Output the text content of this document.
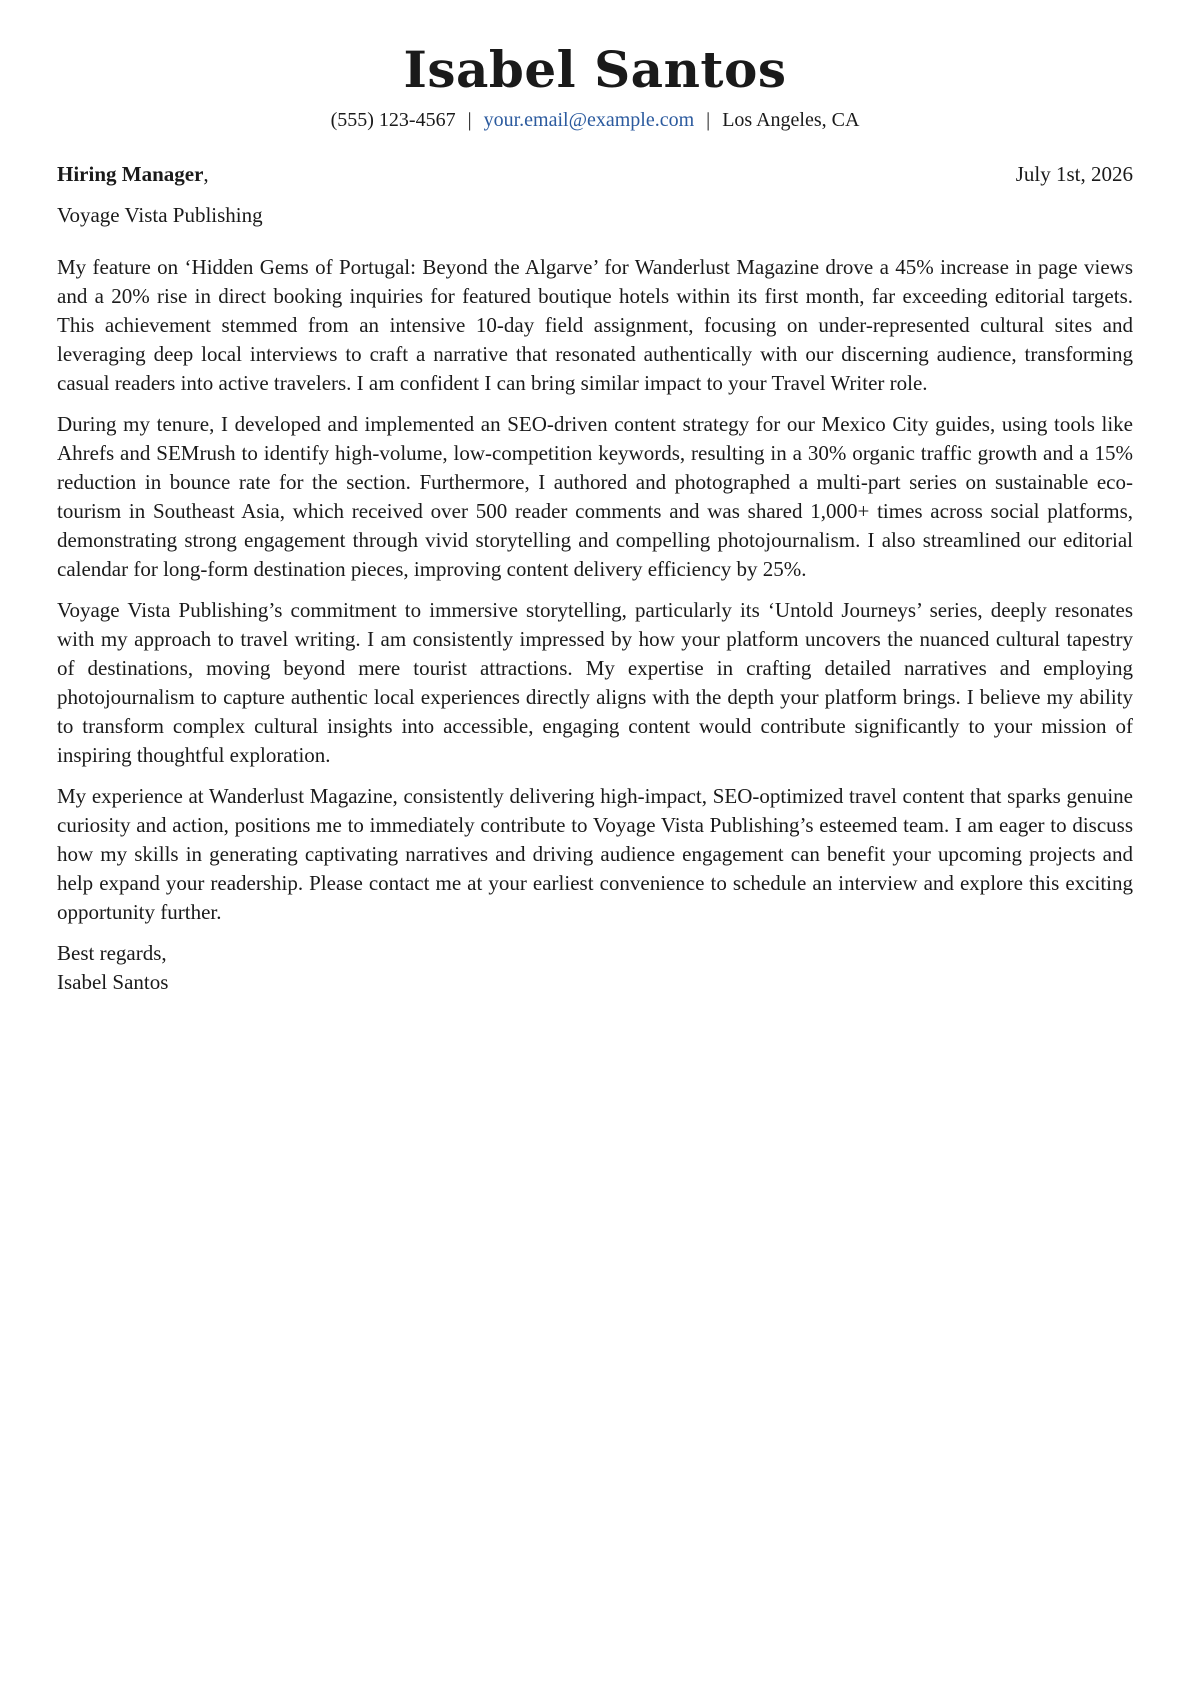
Isabel Santos
(555) 123-4567 | your.email@example.com | Los Angeles, CA
Hiring Manager,	July 1st, 2026
Voyage Vista Publishing

My feature on ‘Hidden Gems of Portugal: Beyond the Algarve’ for Wanderlust Magazine drove a 45% increase in page views and a 20% rise in direct booking inquiries for featured boutique hotels within its first month, far exceeding editorial targets. This achievement stemmed from an intensive 10-day field assignment, focusing on under-represented cultural sites and leveraging deep local interviews to craft a narrative that resonated authentically with our discerning audience, transforming casual readers into active travelers. I am confident I can bring similar impact to your Travel Writer role.

During my tenure, I developed and implemented an SEO-driven content strategy for our Mexico City guides, using tools like Ahrefs and SEMrush to identify high-volume, low-competition keywords, resulting in a 30% organic traffic growth and a 15% reduction in bounce rate for the section. Furthermore, I authored and photographed a multi-part series on sustainable eco-tourism in Southeast Asia, which received over 500 reader comments and was shared 1,000+ times across social platforms, demonstrating strong engagement through vivid storytelling and compelling photojournalism. I also streamlined our editorial calendar for long-form destination pieces, improving content delivery efficiency by 25%.

Voyage Vista Publishing’s commitment to immersive storytelling, particularly its ‘Untold Journeys’ series, deeply resonates with my approach to travel writing. I am consistently impressed by how your platform uncovers the nuanced cultural tapestry of destinations, moving beyond mere tourist attractions. My expertise in crafting detailed narratives and employing photojournalism to capture authentic local experiences directly aligns with the depth your platform brings. I believe my ability to transform complex cultural insights into accessible, engaging content would contribute significantly to your mission of inspiring thoughtful exploration.

My experience at Wanderlust Magazine, consistently delivering high-impact, SEO-optimized travel content that sparks genuine curiosity and action, positions me to immediately contribute to Voyage Vista Publishing’s esteemed team. I am eager to discuss how my skills in generating captivating narratives and driving audience engagement can benefit your upcoming projects and help expand your readership. Please contact me at your earliest convenience to schedule an interview and explore this exciting opportunity further.

Best regards,
Isabel Santos
